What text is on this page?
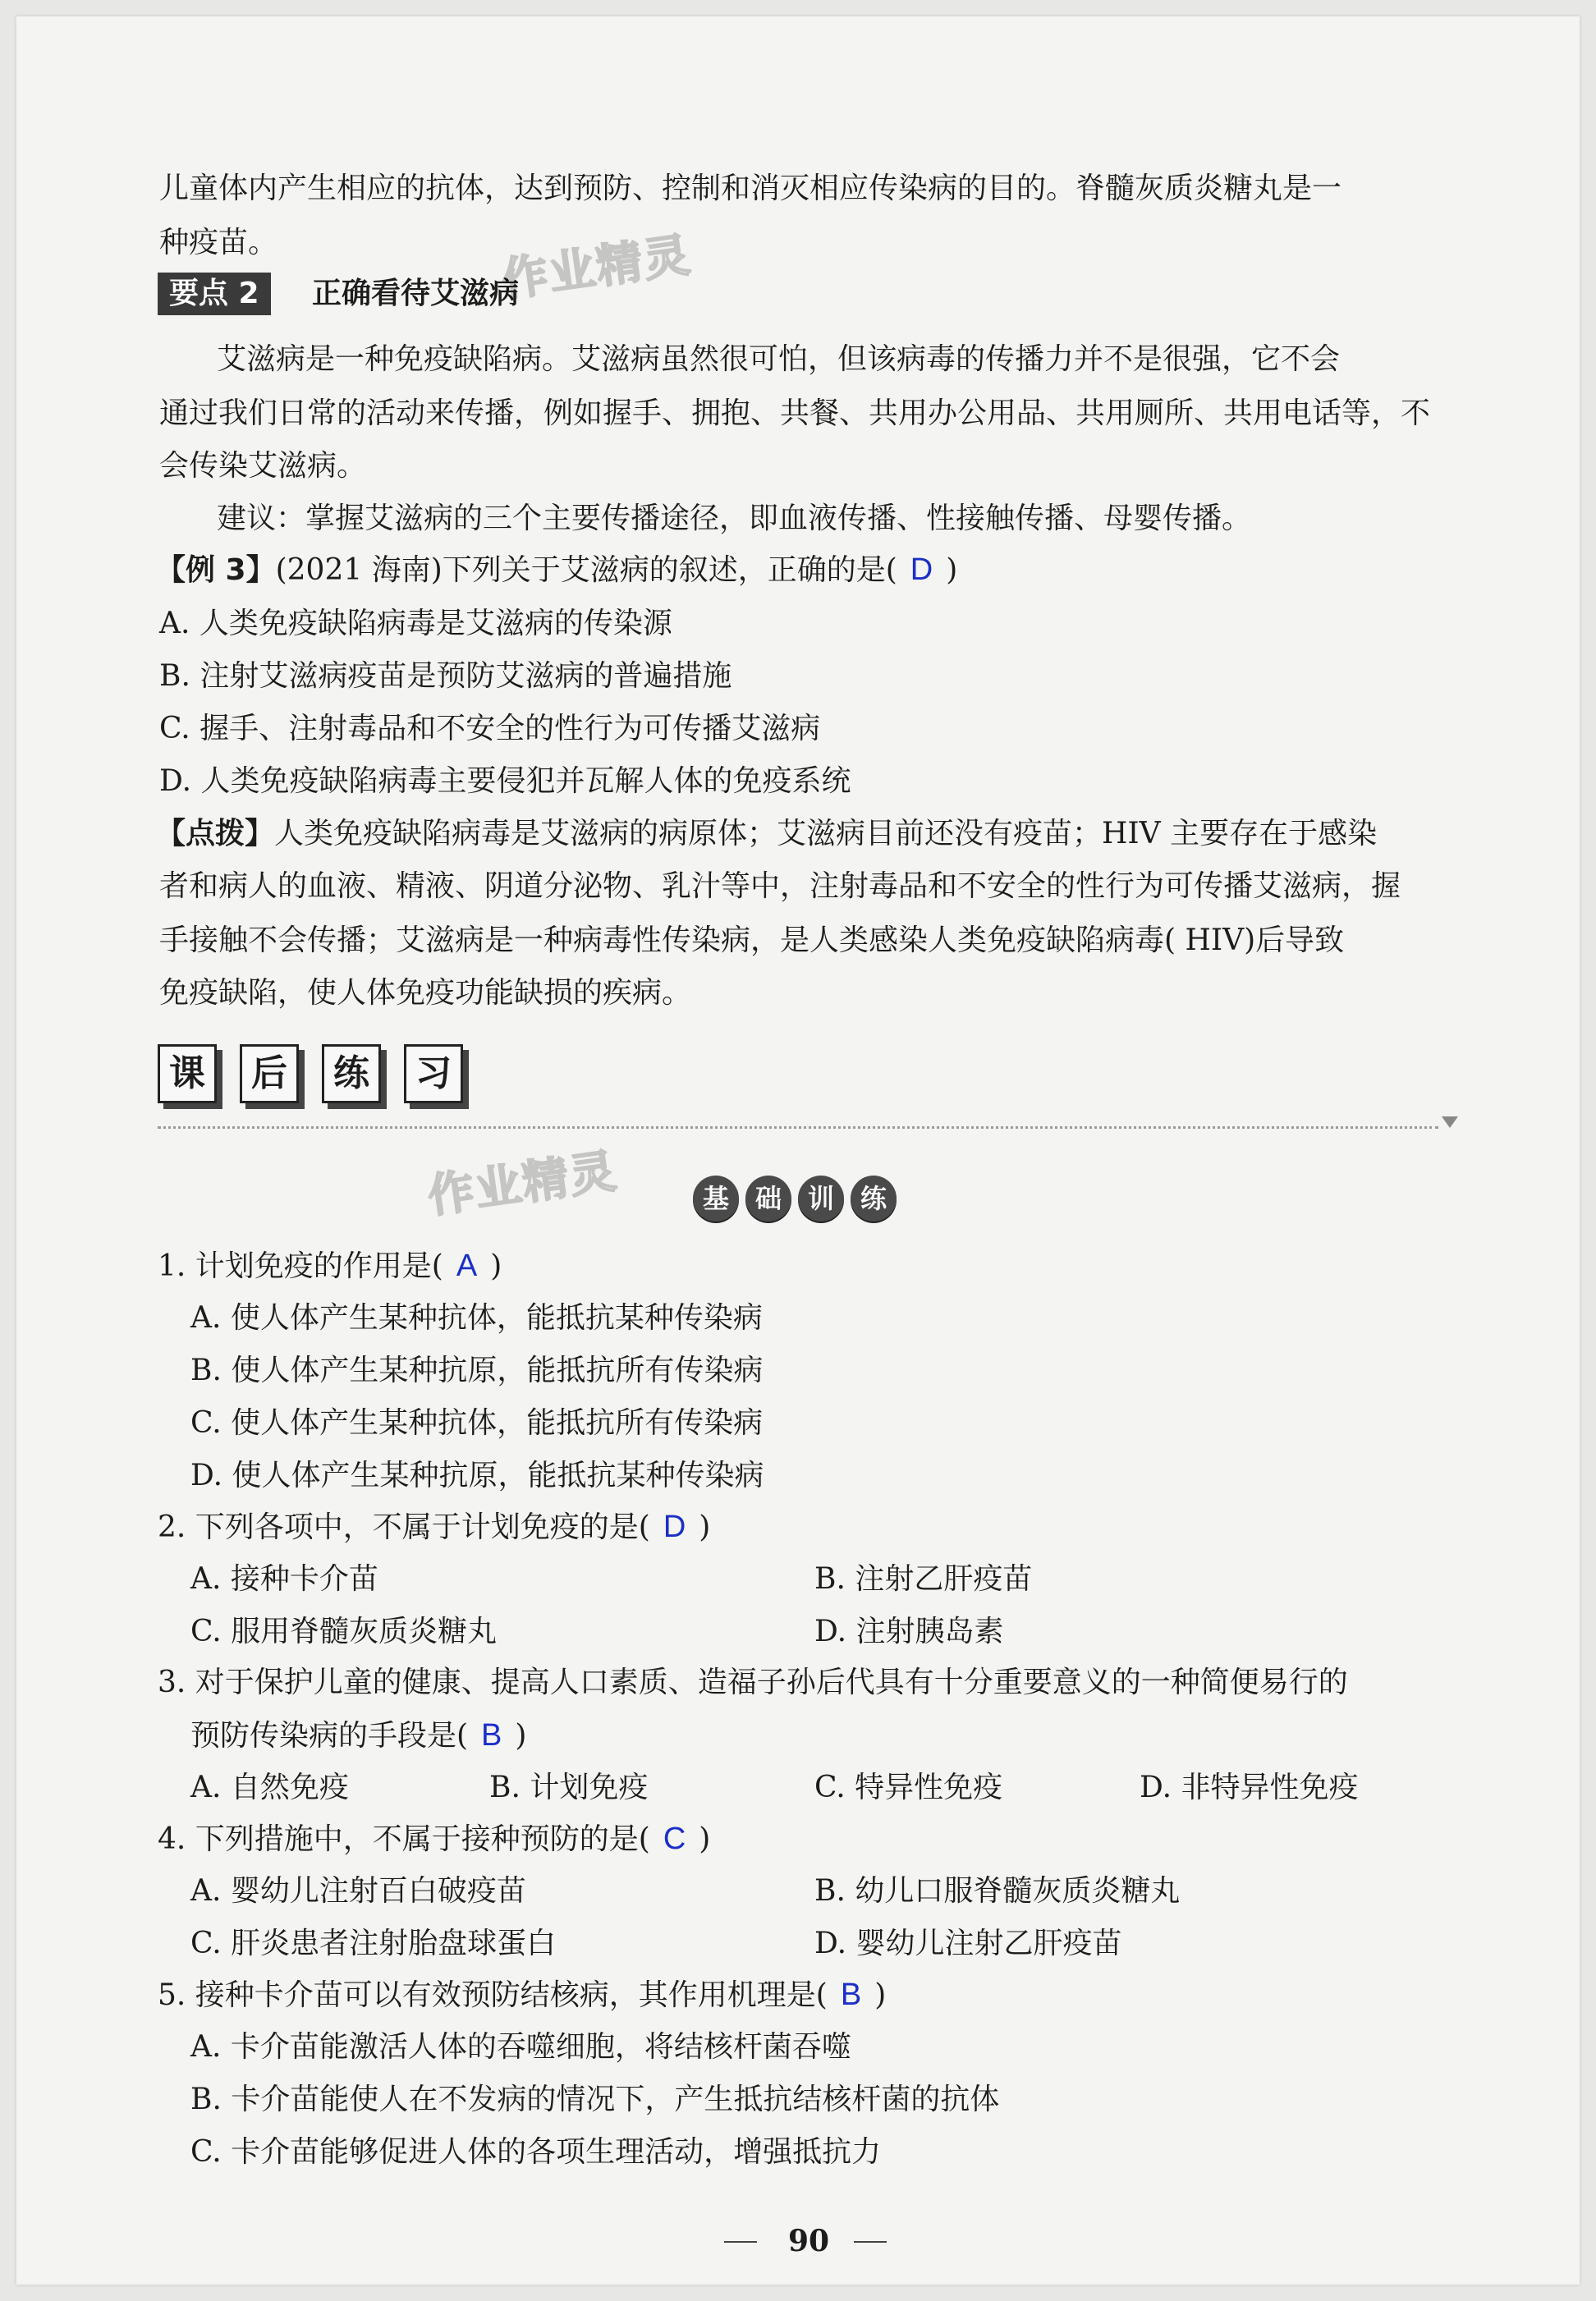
儿童体内产生相应的抗体，达到预防、控制和消灭相应传染病的目的。脊髓灰质炎糖丸是一
种疫苗。	作业精灵
要点 2	正确看待艾滋病
艾滋病是一种免疫缺陷病。艾滋病虽然很可怕，但该病毒的传播力并不是很强，它不会
通过我们日常的活动来传播，例如握手、拥抱、共餐、共用办公用品、共用厕所、共用电话等，不
会传染艾滋病。
建议：掌握艾滋病的三个主要传播途径，即血液传播、性接触传播、母婴传播。
【例 3】(2021 海南)下列关于艾滋病的叙述，正确的是( D )
A. 人类免疫缺陷病毒是艾滋病的传染源
B. 注射艾滋病疫苗是预防艾滋病的普遍措施
C. 握手、注射毒品和不安全的性行为可传播艾滋病
D. 人类免疫缺陷病毒主要侵犯并瓦解人体的免疫系统
【点拨】人类免疫缺陷病毒是艾滋病的病原体；艾滋病目前还没有疫苗；HIV 主要存在于感染
者和病人的血液、精液、阴道分泌物、乳汁等中，注射毒品和不安全的性行为可传播艾滋病，握
手接触不会传播；艾滋病是一种病毒性传染病，是人类感染人类免疫缺陷病毒( HIV)后导致
免疫缺陷，使人体免疫功能缺损的疾病。
课	后	练	习
作业精灵	基 础 训 练
1. 计划免疫的作用是( A )
A. 使人体产生某种抗体，能抵抗某种传染病
B. 使人体产生某种抗原，能抵抗所有传染病
C. 使人体产生某种抗体，能抵抗所有传染病
D. 使人体产生某种抗原，能抵抗某种传染病
2. 下列各项中，不属于计划免疫的是( D )
A. 接种卡介苗	B. 注射乙肝疫苗
C. 服用脊髓灰质炎糖丸	D. 注射胰岛素
3. 对于保护儿童的健康、提高人口素质、造福子孙后代具有十分重要意义的一种简便易行的
预防传染病的手段是( B )
A. 自然免疫	B. 计划免疫	C. 特异性免疫	D. 非特异性免疫
4. 下列措施中，不属于接种预防的是( C )
A. 婴幼儿注射百白破疫苗	B. 幼儿口服脊髓灰质炎糖丸
C. 肝炎患者注射胎盘球蛋白	D. 婴幼儿注射乙肝疫苗
5. 接种卡介苗可以有效预防结核病，其作用机理是( B )
A. 卡介苗能激活人体的吞噬细胞，将结核杆菌吞噬
B. 卡介苗能使人在不发病的情况下，产生抵抗结核杆菌的抗体
C. 卡介苗能够促进人体的各项生理活动，增强抵抗力
90
